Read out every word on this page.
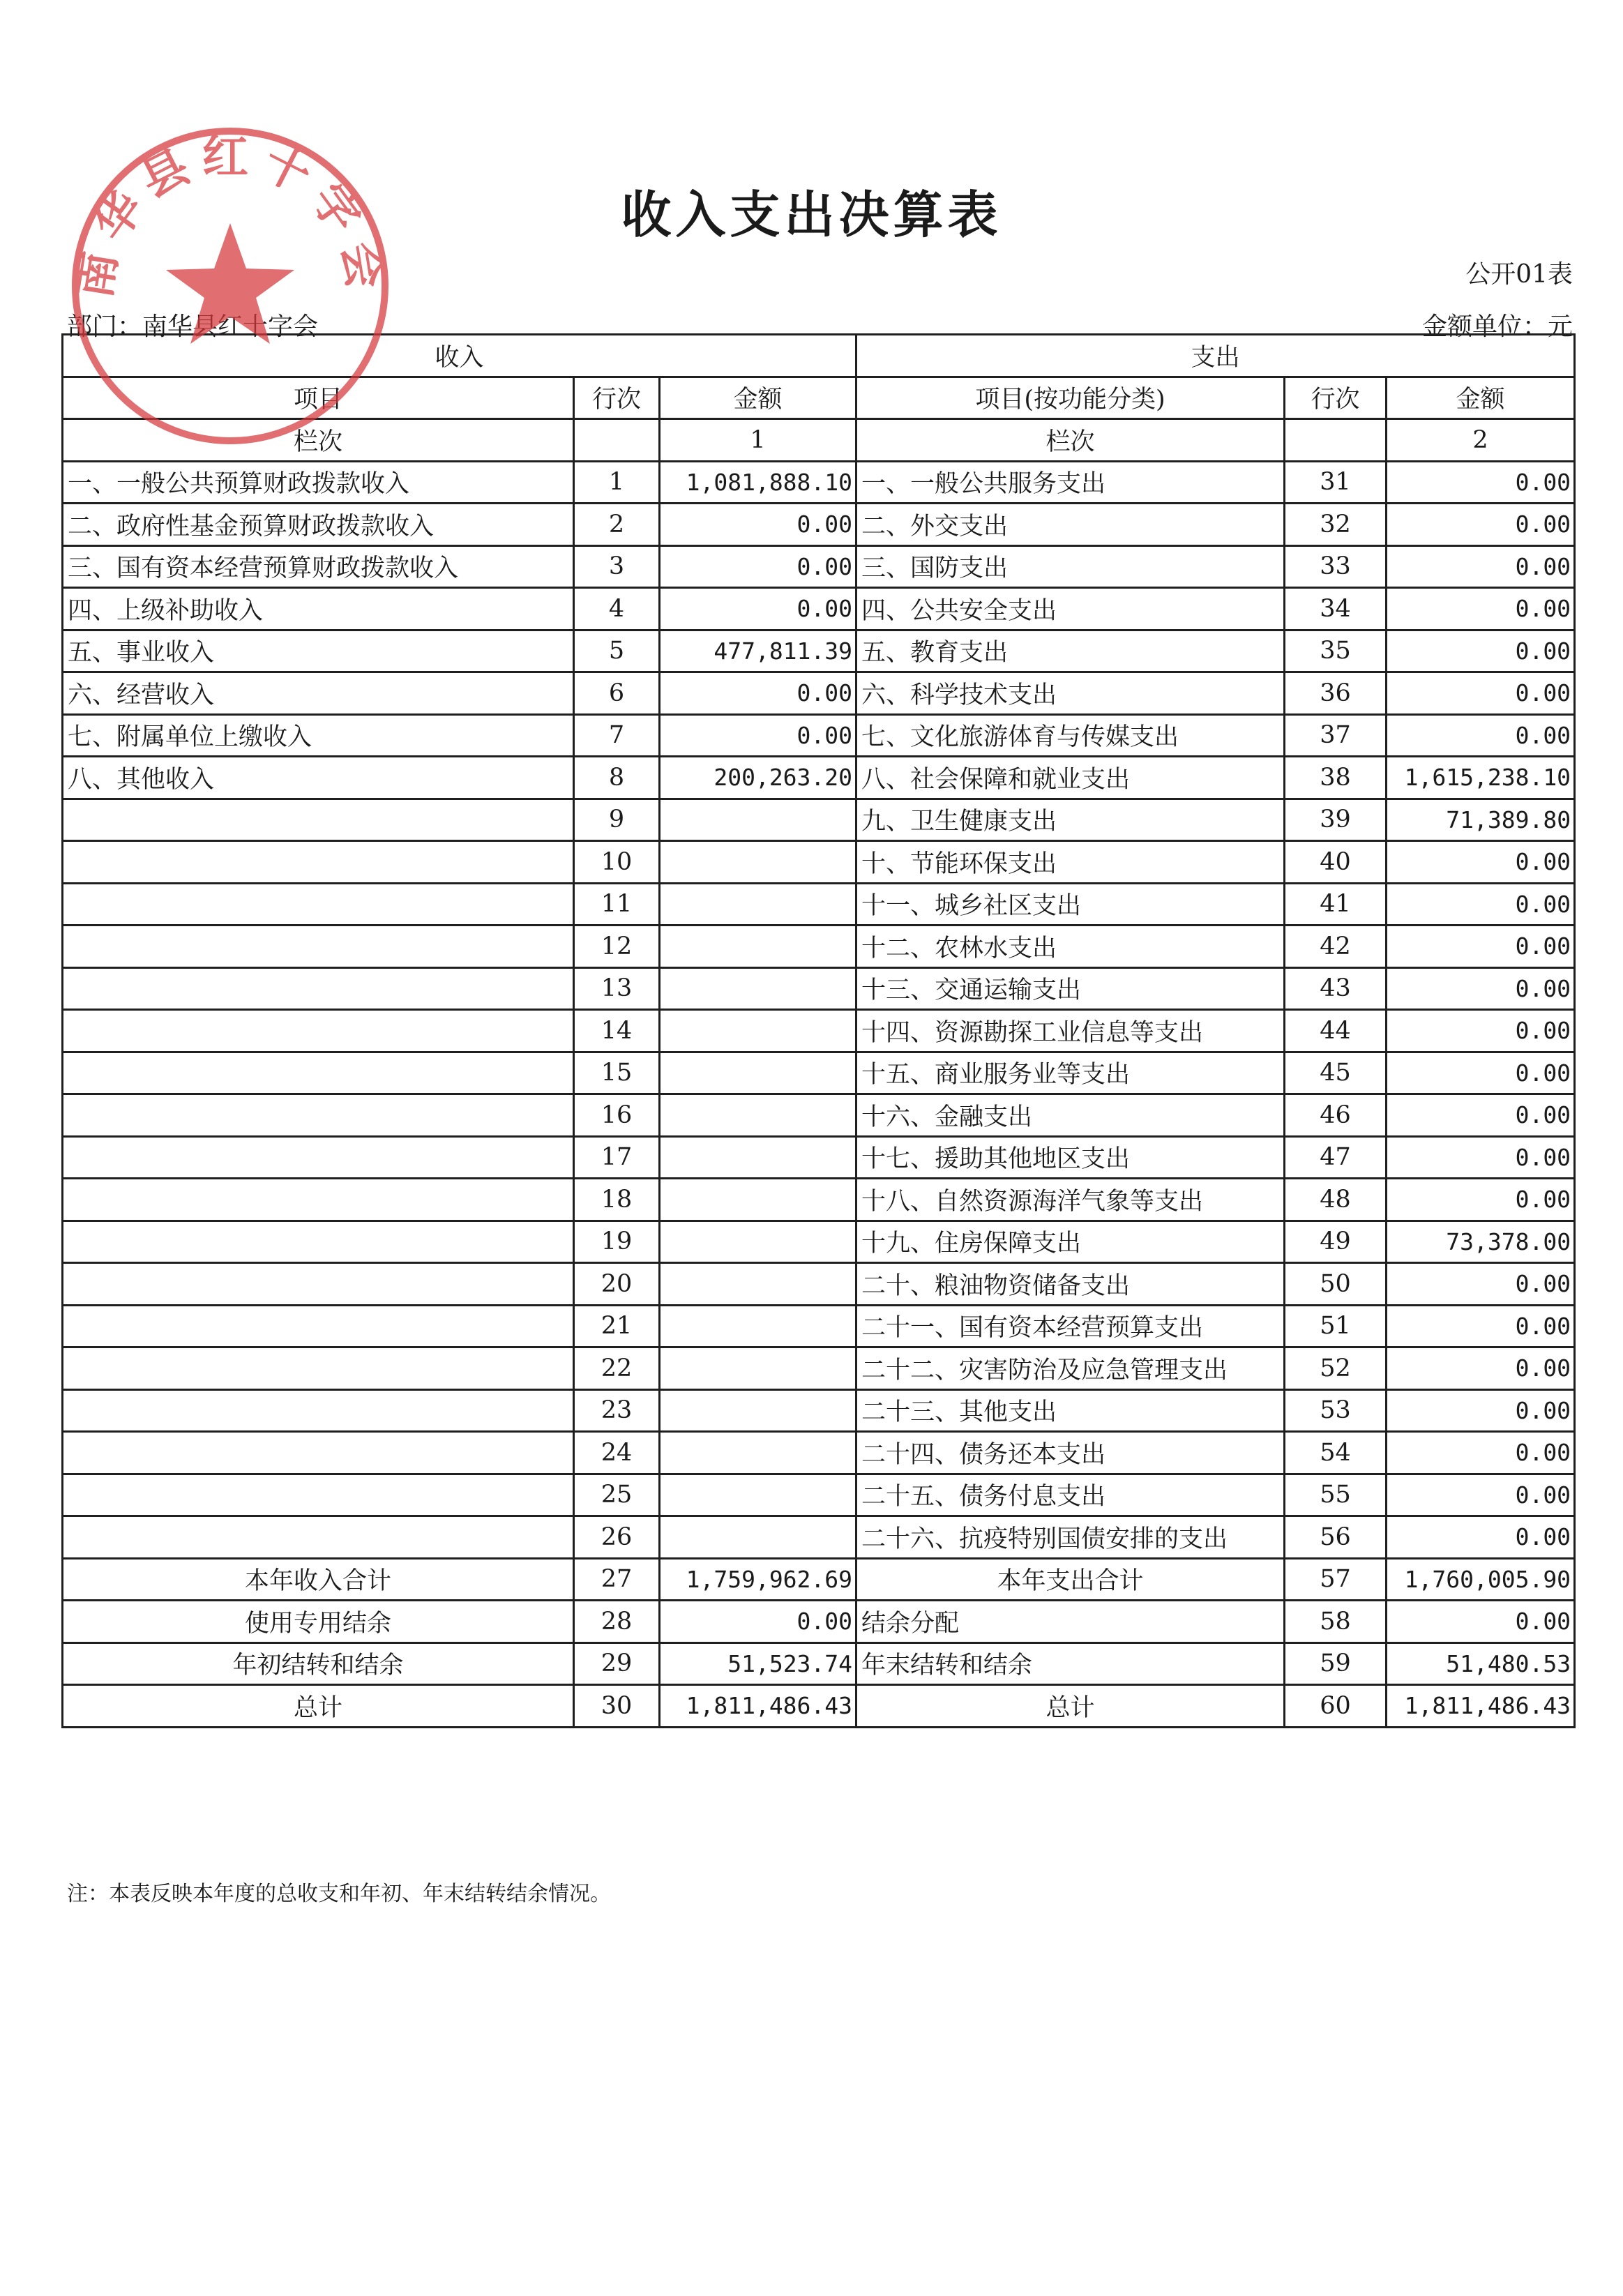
收入支出决算表
公开01表
部门：南华县红十字会	金额单位：元
收入			支出		
项目	行次	金额	项目(按功能分类)	行次	金额
栏次		1	栏次		2
一、一般公共预算财政拨款收入	1	1,081,888.10	一、一般公共服务支出	31	0.00
二、政府性基金预算财政拨款收入	2	0.00	二、外交支出	32	0.00
三、国有资本经营预算财政拨款收入	3	0.00	三、国防支出	33	0.00
四、上级补助收入	4	0.00	四、公共安全支出	34	0.00
五、事业收入	5	477,811.39	五、教育支出	35	0.00
六、经营收入	6	0.00	六、科学技术支出	36	0.00
七、附属单位上缴收入	7	0.00	七、文化旅游体育与传媒支出	37	0.00
八、其他收入	8	200,263.20	八、社会保障和就业支出	38	1,615,238.10
	9		九、卫生健康支出	39	71,389.80
	10		十、节能环保支出	40	0.00
	11		十一、城乡社区支出	41	0.00
	12		十二、农林水支出	42	0.00
	13		十三、交通运输支出	43	0.00
	14		十四、资源勘探工业信息等支出	44	0.00
	15		十五、商业服务业等支出	45	0.00
	16		十六、金融支出	46	0.00
	17		十七、援助其他地区支出	47	0.00
	18		十八、自然资源海洋气象等支出	48	0.00
	19		十九、住房保障支出	49	73,378.00
	20		二十、粮油物资储备支出	50	0.00
	21		二十一、国有资本经营预算支出	51	0.00
	22		二十二、灾害防治及应急管理支出	52	0.00
	23		二十三、其他支出	53	0.00
	24		二十四、债务还本支出	54	0.00
	25		二十五、债务付息支出	55	0.00
	26		二十六、抗疫特别国债安排的支出	56	0.00
本年收入合计	27	1,759,962.69	本年支出合计	57	1,760,005.90
使用专用结余	28	0.00	结余分配	58	0.00
年初结转和结余	29	51,523.74	年末结转和结余	59	51,480.53
总计	30	1,811,486.43	总计	60	1,811,486.43
注：本表反映本年度的总收支和年初、年末结转结余情况。
南华县红十字会
